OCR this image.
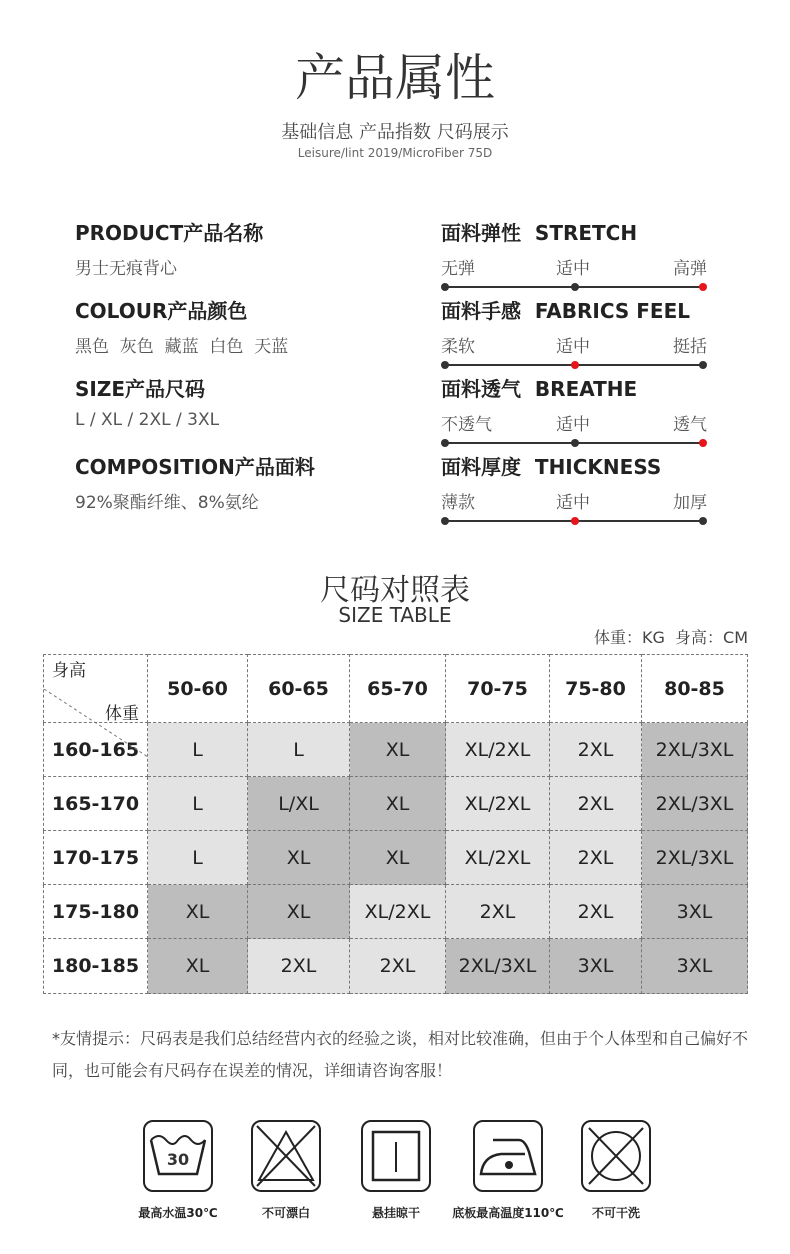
产品属性
基础信息 产品指数 尺码展示
Leisure/lint 2019/MicroFiber 75D
PRODUCT产品名称
男士无痕背心
COLOUR产品颜色
黑色  灰色  藏蓝  白色  天蓝
SIZE产品尺码
L / XL / 2XL / 3XL
COMPOSITION产品面料
92%聚酯纤维、8%氨纶
面料弹性  STRETCH
无弹	适中	高弹
面料手感  FABRICS FEEL
柔软	适中	挺括
面料透气  BREATHE
不透气	适中	透气
面料厚度  THICKNESS
薄款	适中	加厚
尺码对照表
SIZE TABLE
体重：KG  身高：CM
体重
身高	50-60	60-65	65-70	70-75	75-80	80-85
160-165	L	L	XL	XL/2XL	2XL	2XL/3XL
165-170	L	L/XL	XL	XL/2XL	2XL	2XL/3XL
170-175	L	XL	XL	XL/2XL	2XL	2XL/3XL
175-180	XL	XL	XL/2XL	2XL	2XL	3XL
180-185	XL	2XL	2XL	2XL/3XL	3XL	3XL
*友情提示：尺码表是我们总结经营内衣的经验之谈，相对比较准确，但由于个人体型和自己偏好不同，也可能会有尺码存在误差的情况，详细请咨询客服！
30
最高水温30℃	不可漂白	悬挂晾干	底板最高温度110℃	不可干洗
